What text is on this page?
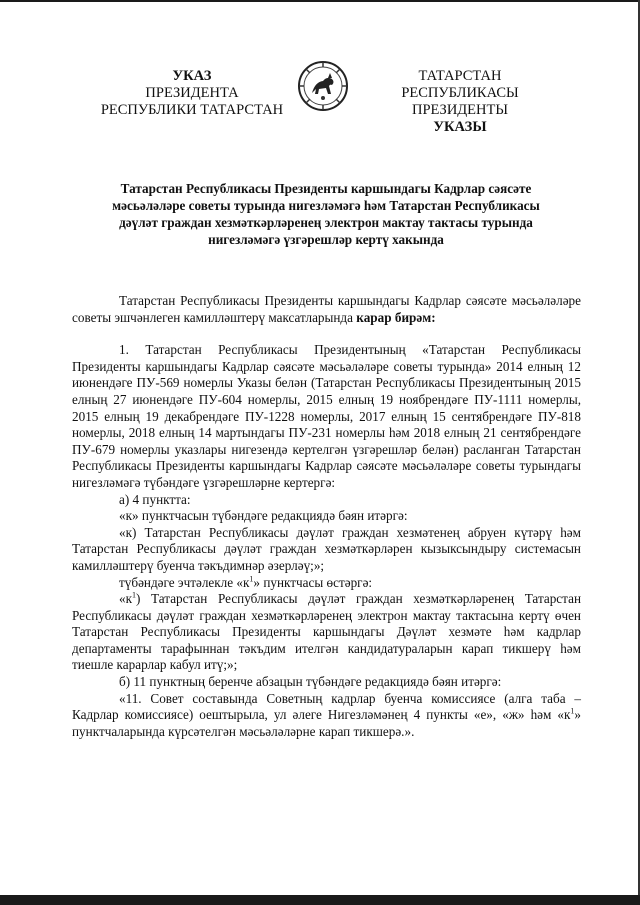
УКАЗ
ПРЕЗИДЕНТА
РЕСПУБЛИКИ ТАТАРСТАН
ТАТАРСТАН РЕСПУБЛИКАСЫ
ПРЕЗИДЕНТЫ
УКАЗЫ
Татарстан Республикасы Президенты каршындагы Кадрлар сәясәте
мәсьәләләре советы турында нигезләмәгә һәм Татарстан Республикасы
дәүләт граждан хезмәткәрләренең электрон мактау тактасы турында
нигезләмәгә үзгәрешләр кертү хакында

Татарстан Республикасы Президенты каршындагы Кадрлар сәясәте мәсьәләләре советы эшчәнлеген камилләштерү максатларында карар бирәм:

1. Татарстан Республикасы Президентының «Татарстан Республикасы Президенты каршындагы Кадрлар сәясәте мәсьәләләре советы турында» 2014 елның 12 июнендәге ПУ-569 номерлы Указы белән (Татарстан Республикасы Президентының 2015 елның 27 июнендәге ПУ-604 номерлы, 2015 елның 19 ноябрендәге ПУ-1111 номерлы, 2015 елның 19 декабрендәге ПУ-1228 номерлы, 2017 елның 15 сентябрендәге ПУ-818 номерлы, 2018 елның 14 мартындагы ПУ-231 номерлы һәм 2018 елның 21 сентябрендәге ПУ-679 номерлы указлары нигезендә кертелгән үзгәрешләр белән) расланган Татарстан Республикасы Президенты каршындагы Кадрлар сәясәте мәсьәләләре советы турындагы нигезләмәгә түбәндәге үзгәрешләрне кертергә:

а) 4 пунктта:

«к» пунктчасын түбәндәге редакциядә бәян итәргә:

«к) Татарстан Республикасы дәүләт граждан хезмәтенең абруен күтәрү һәм Татарстан Республикасы дәүләт граждан хезмәткәрләрен кызыксындыру системасын камилләштерү буенча тәкъдимнәр әзерләү;»;

түбәндәге эчтәлекле «$к^1$» пунктчасы өстәргә:

«$к^1$) Татарстан Республикасы дәүләт граждан хезмәткәрләренең Татарстан Республикасы дәүләт граждан хезмәткәрләренең электрон мактау тактасына кертү өчен Татарстан Республикасы Президенты каршындагы Дәүләт хезмәте һәм кадрлар департаменты тарафыннан тәкъдим ителгән кандидатураларын карап тикшерү һәм тиешле карарлар кабул итү;»;

б) 11 пунктның беренче абзацын түбәндәге редакциядә бәян итәргә:

«11. Совет составында Советның кадрлар буенча комиссиясе (алга таба – Кадрлар комиссиясе) оештырыла, ул әлеге Нигезләмәнең 4 пункты «е», «ж» һәм «$к^1$» пунктчаларында күрсәтелгән мәсьәләләрне карап тикшерә.».
